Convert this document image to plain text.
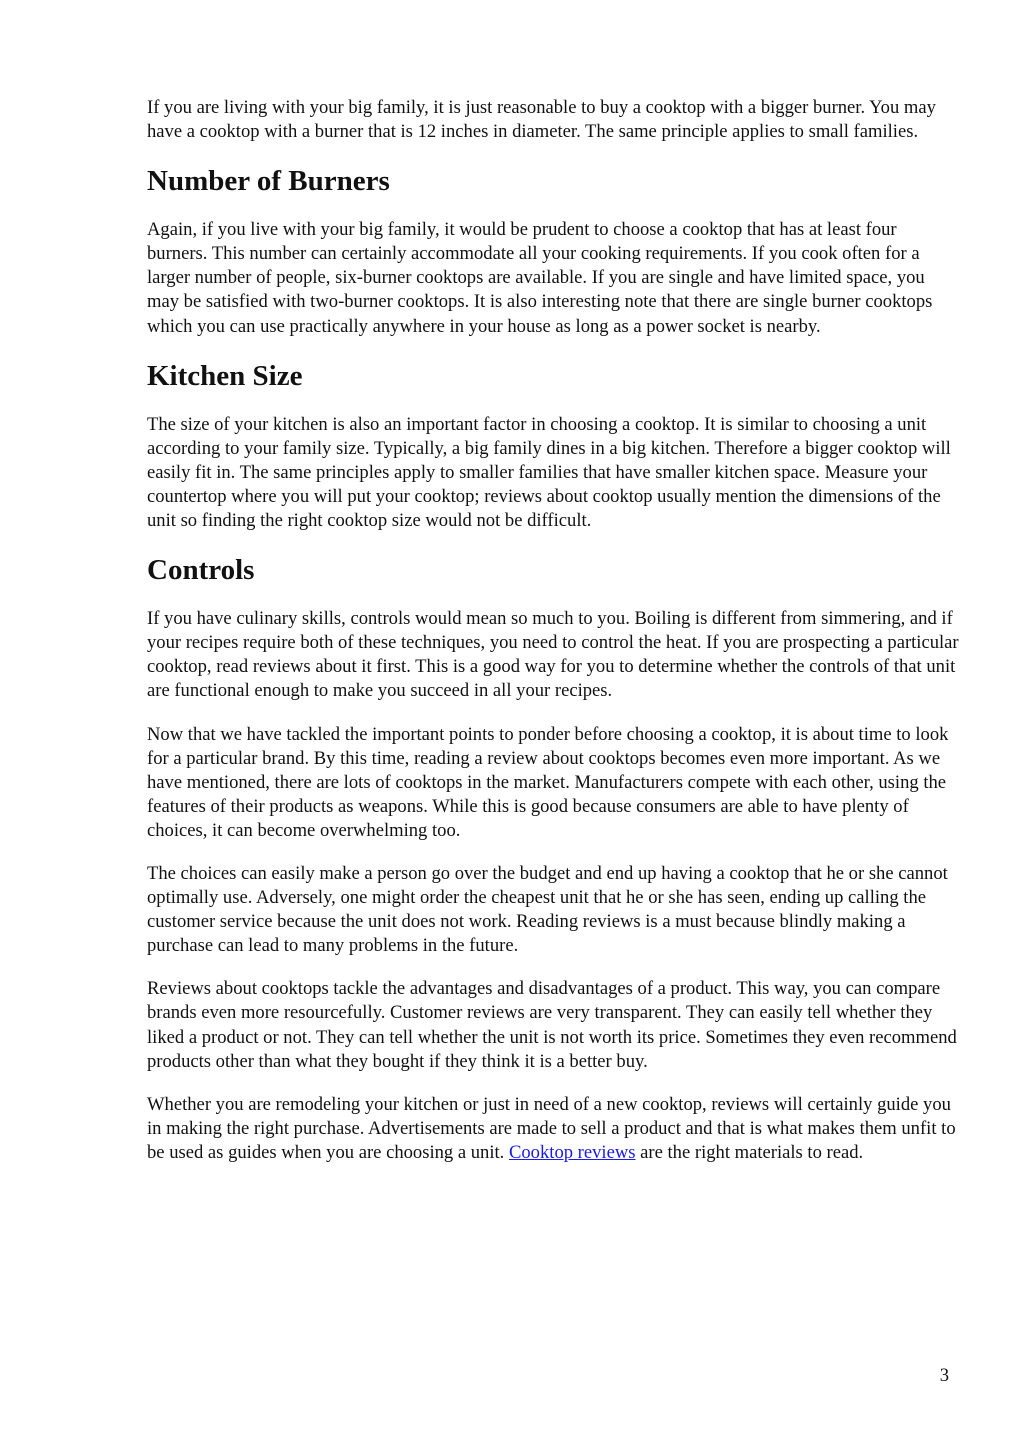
If you are living with your big family, it is just reasonable to buy a cooktop with a bigger burner. You may have a cooktop with a burner that is 12 inches in diameter. The same principle applies to small families.

Number of Burners

Again, if you live with your big family, it would be prudent to choose a cooktop that has at least four burners. This number can certainly accommodate all your cooking requirements. If you cook often for a larger number of people, six-burner cooktops are available. If you are single and have limited space, you may be satisfied with two-burner cooktops. It is also interesting note that there are single burner cooktops which you can use practically anywhere in your house as long as a power socket is nearby.

Kitchen Size

The size of your kitchen is also an important factor in choosing a cooktop. It is similar to choosing a unit according to your family size. Typically, a big family dines in a big kitchen. Therefore a bigger cooktop will easily fit in. The same principles apply to smaller families that have smaller kitchen space. Measure your countertop where you will put your cooktop; reviews about cooktop usually mention the dimensions of the unit so finding the right cooktop size would not be difficult.

Controls

If you have culinary skills, controls would mean so much to you. Boiling is different from simmering, and if your recipes require both of these techniques, you need to control the heat. If you are prospecting a particular cooktop, read reviews about it first. This is a good way for you to determine whether the controls of that unit are functional enough to make you succeed in all your recipes.

Now that we have tackled the important points to ponder before choosing a cooktop, it is about time to look for a particular brand. By this time, reading a review about cooktops becomes even more important. As we have mentioned, there are lots of cooktops in the market. Manufacturers compete with each other, using the features of their products as weapons. While this is good because consumers are able to have plenty of choices, it can become overwhelming too.

The choices can easily make a person go over the budget and end up having a cooktop that he or she cannot optimally use. Adversely, one might order the cheapest unit that he or she has seen, ending up calling the customer service because the unit does not work. Reading reviews is a must because blindly making a purchase can lead to many problems in the future.

Reviews about cooktops tackle the advantages and disadvantages of a product. This way, you can compare brands even more resourcefully. Customer reviews are very transparent. They can easily tell whether they liked a product or not. They can tell whether the unit is not worth its price. Sometimes they even recommend products other than what they bought if they think it is a better buy.

Whether you are remodeling your kitchen or just in need of a new cooktop, reviews will certainly guide you in making the right purchase. Advertisements are made to sell a product and that is what makes them unfit to be used as guides when you are choosing a unit. Cooktop reviews are the right materials to read.

3
